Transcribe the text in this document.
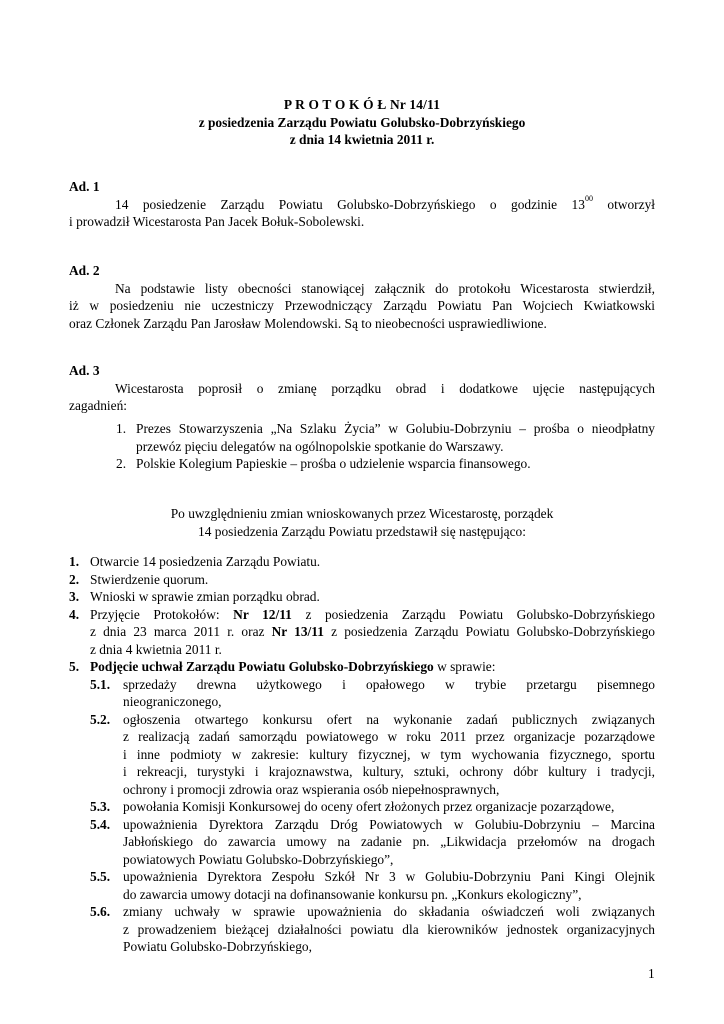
P R O T O K Ó Ł Nr 14/11
z posiedzenia Zarządu Powiatu Golubsko-Dobrzyńskiego
z dnia 14 kwietnia 2011 r.
Ad. 1
14 posiedzenie Zarządu Powiatu Golubsko-Dobrzyńskiego o godzinie $13^{00}$ otworzył
i prowadził Wicestarosta Pan Jacek Bołuk-Sobolewski.
Ad. 2
Na podstawie listy obecności stanowiącej załącznik do protokołu Wicestarosta stwierdził,
iż w posiedzeniu nie uczestniczy Przewodniczący Zarządu Powiatu Pan Wojciech Kwiatkowski
oraz Członek Zarządu Pan Jarosław Molendowski. Są to nieobecności usprawiedliwione.
Ad. 3
Wicestarosta poprosił o zmianę porządku obrad i dodatkowe ujęcie następujących
zagadnień:
1. Prezes Stowarzyszenia „Na Szlaku Życia” w Golubiu-Dobrzyniu – prośba o nieodpłatny
przewóz pięciu delegatów na ogólnopolskie spotkanie do Warszawy.
2. Polskie Kolegium Papieskie – prośba o udzielenie wsparcia finansowego.
Po uwzględnieniu zmian wnioskowanych przez Wicestarostę, porządek
14 posiedzenia Zarządu Powiatu przedstawił się następująco:
1. Otwarcie 14 posiedzenia Zarządu Powiatu.
2. Stwierdzenie quorum.
3. Wnioski w sprawie zmian porządku obrad.
4. Przyjęcie Protokołów: Nr 12/11 z posiedzenia Zarządu Powiatu Golubsko-Dobrzyńskiego
z dnia 23 marca 2011 r. oraz Nr 13/11 z posiedzenia Zarządu Powiatu Golubsko-Dobrzyńskiego
z dnia 4 kwietnia 2011 r.
5. Podjęcie uchwał Zarządu Powiatu Golubsko-Dobrzyńskiego w sprawie:
5.1. sprzedaży drewna użytkowego i opałowego w trybie przetargu pisemnego
nieograniczonego,
5.2. ogłoszenia otwartego konkursu ofert na wykonanie zadań publicznych związanych
z realizacją zadań samorządu powiatowego w roku 2011 przez organizacje pozarządowe
i inne podmioty w zakresie: kultury fizycznej, w tym wychowania fizycznego, sportu
i rekreacji, turystyki i krajoznawstwa, kultury, sztuki, ochrony dóbr kultury i tradycji,
ochrony i promocji zdrowia oraz wspierania osób niepełnosprawnych,
5.3. powołania Komisji Konkursowej do oceny ofert złożonych przez organizacje pozarządowe,
5.4. upoważnienia Dyrektora Zarządu Dróg Powiatowych w Golubiu-Dobrzyniu – Marcina
Jabłońskiego do zawarcia umowy na zadanie pn. „Likwidacja przełomów na drogach
powiatowych Powiatu Golubsko-Dobrzyńskiego”,
5.5. upoważnienia Dyrektora Zespołu Szkół Nr 3 w Golubiu-Dobrzyniu Pani Kingi Olejnik
do zawarcia umowy dotacji na dofinansowanie konkursu pn. „Konkurs ekologiczny”,
5.6. zmiany uchwały w sprawie upoważnienia do składania oświadczeń woli związanych
z prowadzeniem bieżącej działalności powiatu dla kierowników jednostek organizacyjnych
Powiatu Golubsko-Dobrzyńskiego,
1
